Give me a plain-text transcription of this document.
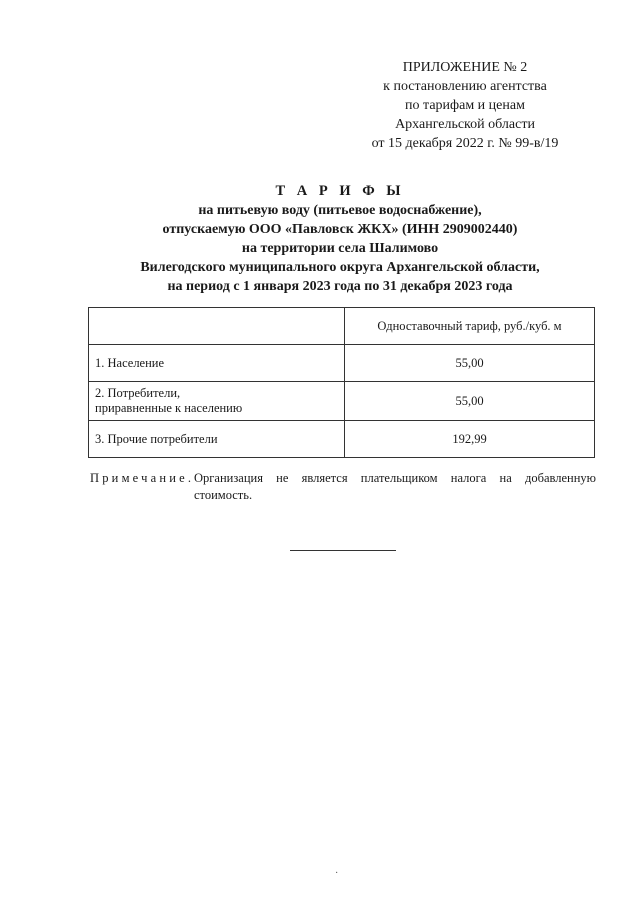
ПРИЛОЖЕНИЕ № 2
к постановлению агентства
по тарифам и ценам
Архангельской области
от 15 декабря 2022 г. № 99-в/19
Т А Р И Ф Ы
на питьевую воду (питьевое водоснабжение),
отпускаемую ООО «Павловск ЖКХ» (ИНН 2909002440)
на территории села Шалимово
Вилегодского муниципального округа Архангельской области,
на период с 1 января 2023 года по 31 декабря 2023 года
	Одноставочный тариф, руб./куб. м
1. Население	55,00

2. Потребители,
приравненные к населению	55,00
3. Прочие потребители	192,99
Примечание. Организация не является плательщиком налога на добавленную стоимость.
·
